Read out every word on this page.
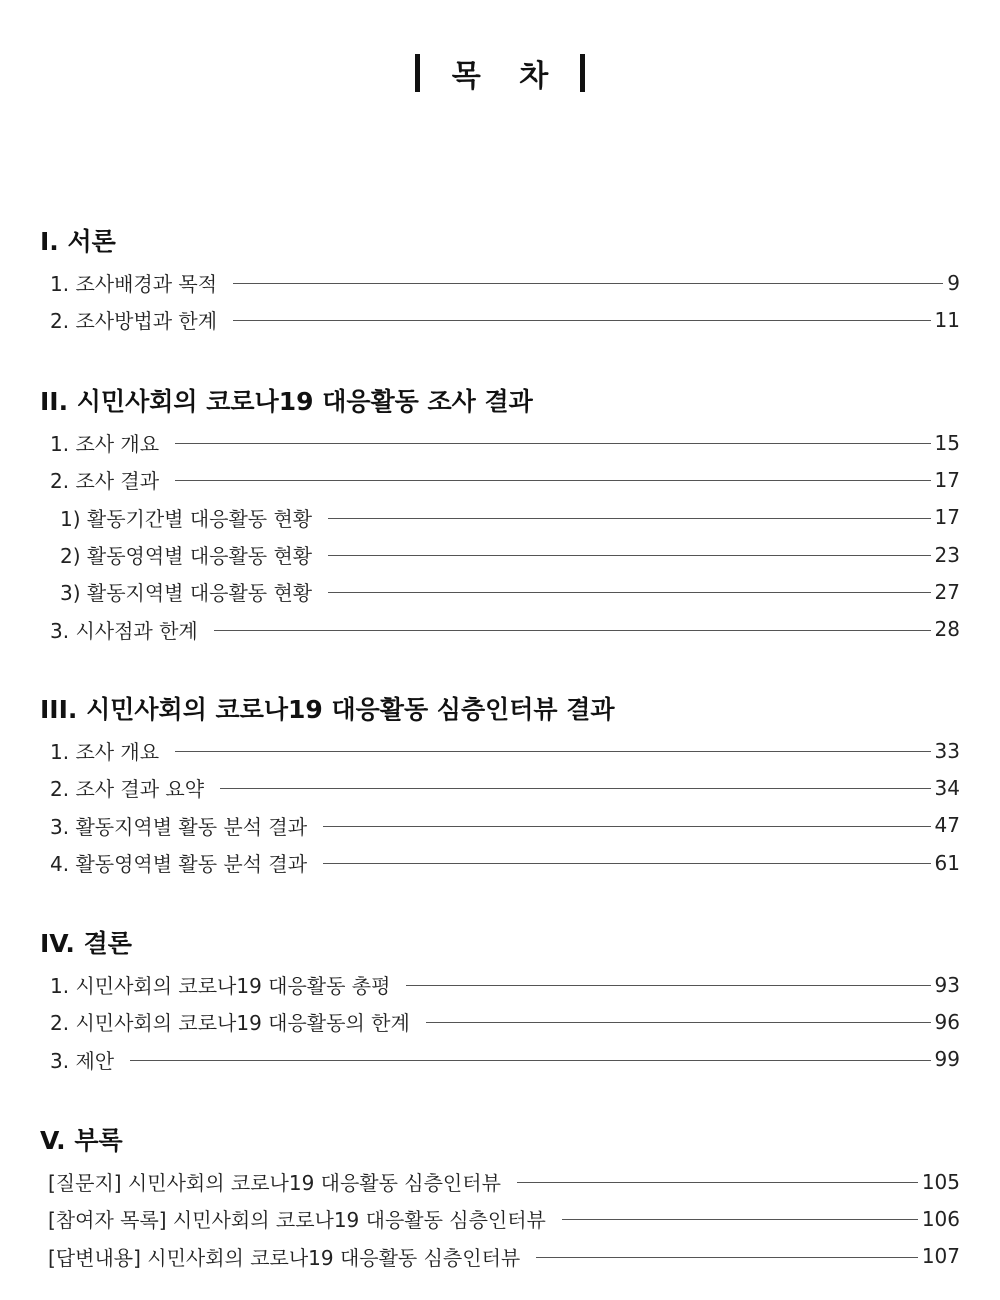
목 차
I. 서론
1. 조사배경과 목적	9
2. 조사방법과 한계	11
II. 시민사회의 코로나19 대응활동 조사 결과
1. 조사 개요	15
2. 조사 결과	17
1) 활동기간별 대응활동 현황	17
2) 활동영역별 대응활동 현황	23
3) 활동지역별 대응활동 현황	27
3. 시사점과 한계	28
III. 시민사회의 코로나19 대응활동 심층인터뷰 결과
1. 조사 개요	33
2. 조사 결과 요약	34
3. 활동지역별 활동 분석 결과	47
4. 활동영역별 활동 분석 결과	61
IV. 결론
1. 시민사회의 코로나19 대응활동 총평	93
2. 시민사회의 코로나19 대응활동의 한계	96
3. 제안	99
V. 부록
[질문지] 시민사회의 코로나19 대응활동 심층인터뷰	105
[참여자 목록] 시민사회의 코로나19 대응활동 심층인터뷰	106
[답변내용] 시민사회의 코로나19 대응활동 심층인터뷰	107
